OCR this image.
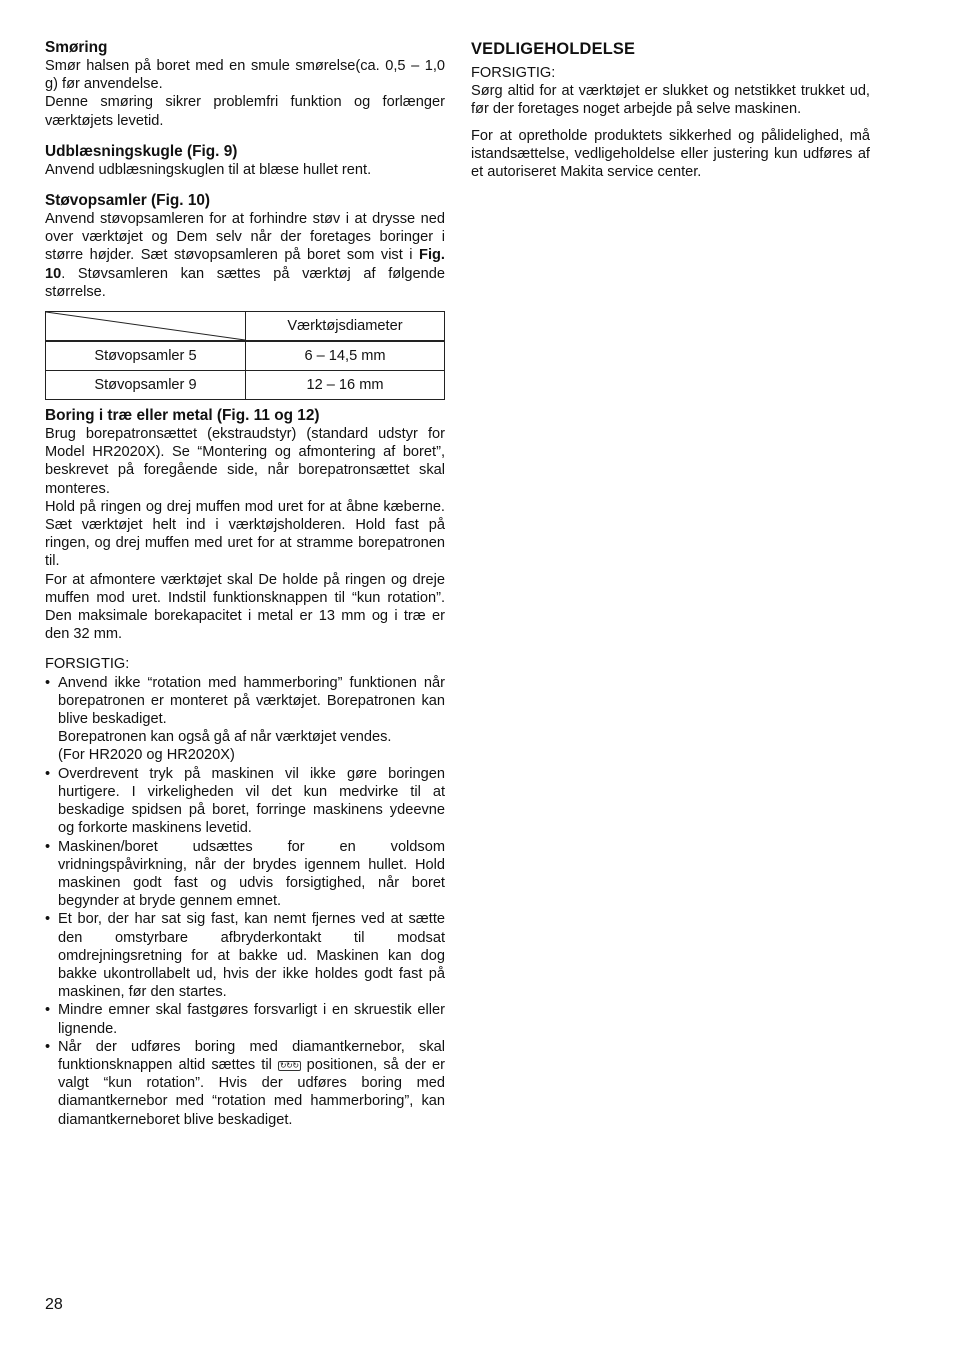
Smøring

Smør halsen på boret med en smule smørelse(ca. 0,5 – 1,0 g) før anvendelse.

Denne smøring sikrer problemfri funktion og forlænger værktøjets levetid.

Udblæsningskugle (Fig. 9)

Anvend udblæsningskuglen til at blæse hullet rent.

Støvopsamler (Fig. 10)

Anvend støvopsamleren for at forhindre støv i at drysse ned over værktøjet og Dem selv når der foretages boringer i større højder. Sæt støvopsamleren på boret som vist i Fig. 10. Støvsamleren kan sættes på værktøj af følgende størrelse.

	Værktøjsdiameter
Støvopsamler 5	6 – 14,5 mm
Støvopsamler 9	12 – 16 mm
Boring i træ eller metal (Fig. 11 og 12)

Brug borepatronsættet (ekstraudstyr) (standard udstyr for Model HR2020X). Se “Montering og afmontering af boret”, beskrevet på foregående side, når borepatronsættet skal monteres.

Hold på ringen og drej muffen mod uret for at åbne kæberne. Sæt værktøjet helt ind i værktøjsholderen. Hold fast på ringen, og drej muffen med uret for at stramme borepatronen til.

For at afmontere værktøjet skal De holde på ringen og dreje muffen mod uret. Indstil funktionsknappen til “kun rotation”. Den maksimale borekapacitet i metal er 13 mm og i træ er den 32 mm.

FORSIGTIG:

• Anvend ikke “rotation med hammerboring” funktionen når borepatronen er monteret på værktøjet. Borepatronen kan blive beskadiget.
Borepatronen kan også gå af når værktøjet vendes.
(For HR2020 og HR2020X)
• Overdrevent tryk på maskinen vil ikke gøre boringen hurtigere. I virkeligheden vil det kun medvirke til at beskadige spidsen på boret, forringe maskinens ydeevne og forkorte maskinens levetid.
• Maskinen/boret udsættes for en voldsom vridningspåvirkning, når der brydes igennem hullet. Hold maskinen godt fast og udvis forsigtighed, når boret begynder at bryde gennem emnet.
• Et bor, der har sat sig fast, kan nemt fjernes ved at sætte den omstyrbare afbryderkontakt til modsat omdrejningsretning for at bakke ud. Maskinen kan dog bakke ukontrollabelt ud, hvis der ikke holdes godt fast på maskinen, før den startes.
• Mindre emner skal fastgøres forsvarligt i en skruestik eller lignende.
• Når der udføres boring med diamantkernebor, skal funktionsknappen altid sættes til ↻↻↻ positionen, så der er valgt “kun rotation”. Hvis der udføres boring med diamantkernebor med “rotation med hammerboring”, kan diamantkerneboret blive beskadiget.
VEDLIGEHOLDELSE

FORSIGTIG:

Sørg altid for at værktøjet er slukket og netstikket trukket ud, før der foretages noget arbejde på selve maskinen.

For at opretholde produktets sikkerhed og pålidelighed, må istandsættelse, vedligeholdelse eller justering kun udføres af et autoriseret Makita service center.

28
